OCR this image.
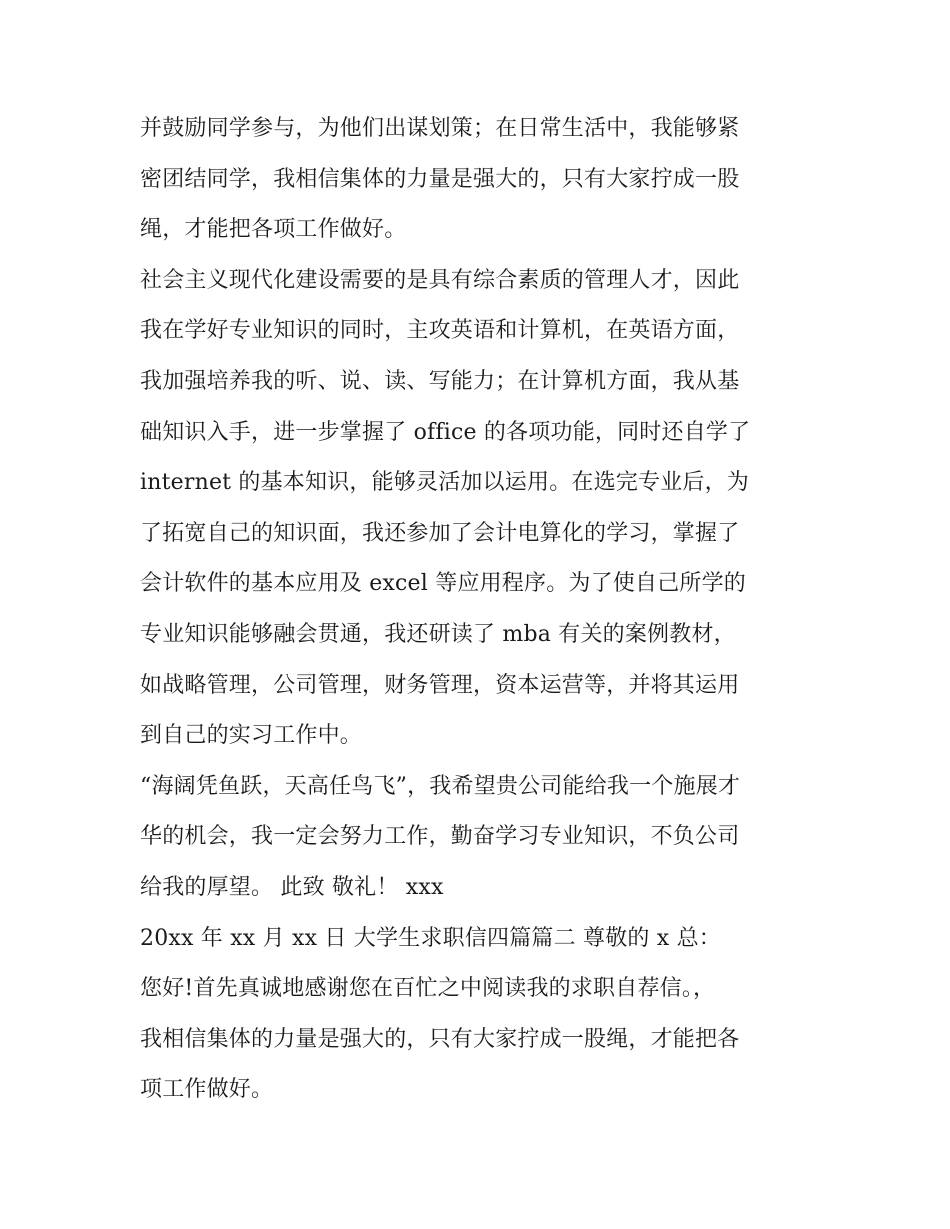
并鼓励同学参与，为他们出谋划策；在日常生活中，我能够紧
密团结同学，我相信集体的力量是强大的，只有大家拧成一股
绳，才能把各项工作做好。
社会主义现代化建设需要的是具有综合素质的管理人才，因此
我在学好专业知识的同时，主攻英语和计算机，在英语方面，
我加强培养我的听、说、读、写能力；在计算机方面，我从基
础知识入手，进一步掌握了 office 的各项功能，同时还自学了
internet 的基本知识，能够灵活加以运用。在选完专业后，为
了拓宽自己的知识面，我还参加了会计电算化的学习，掌握了
会计软件的基本应用及 excel 等应用程序。为了使自己所学的
专业知识能够融会贯通，我还研读了 mba 有关的案例教材，
如战略管理，公司管理，财务管理，资本运营等，并将其运用
到自己的实习工作中。
“海阔凭鱼跃，天高任鸟飞”，我希望贵公司能给我一个施展才
华的机会，我一定会努力工作，勤奋学习专业知识，不负公司
给我的厚望。 此致 敬礼！ xxx
20xx 年 xx 月 xx 日 大学生求职信四篇篇二 尊敬的 x 总：
您好!首先真诚地感谢您在百忙之中阅读我的求职自荐信。，
我相信集体的力量是强大的，只有大家拧成一股绳，才能把各
项工作做好。
